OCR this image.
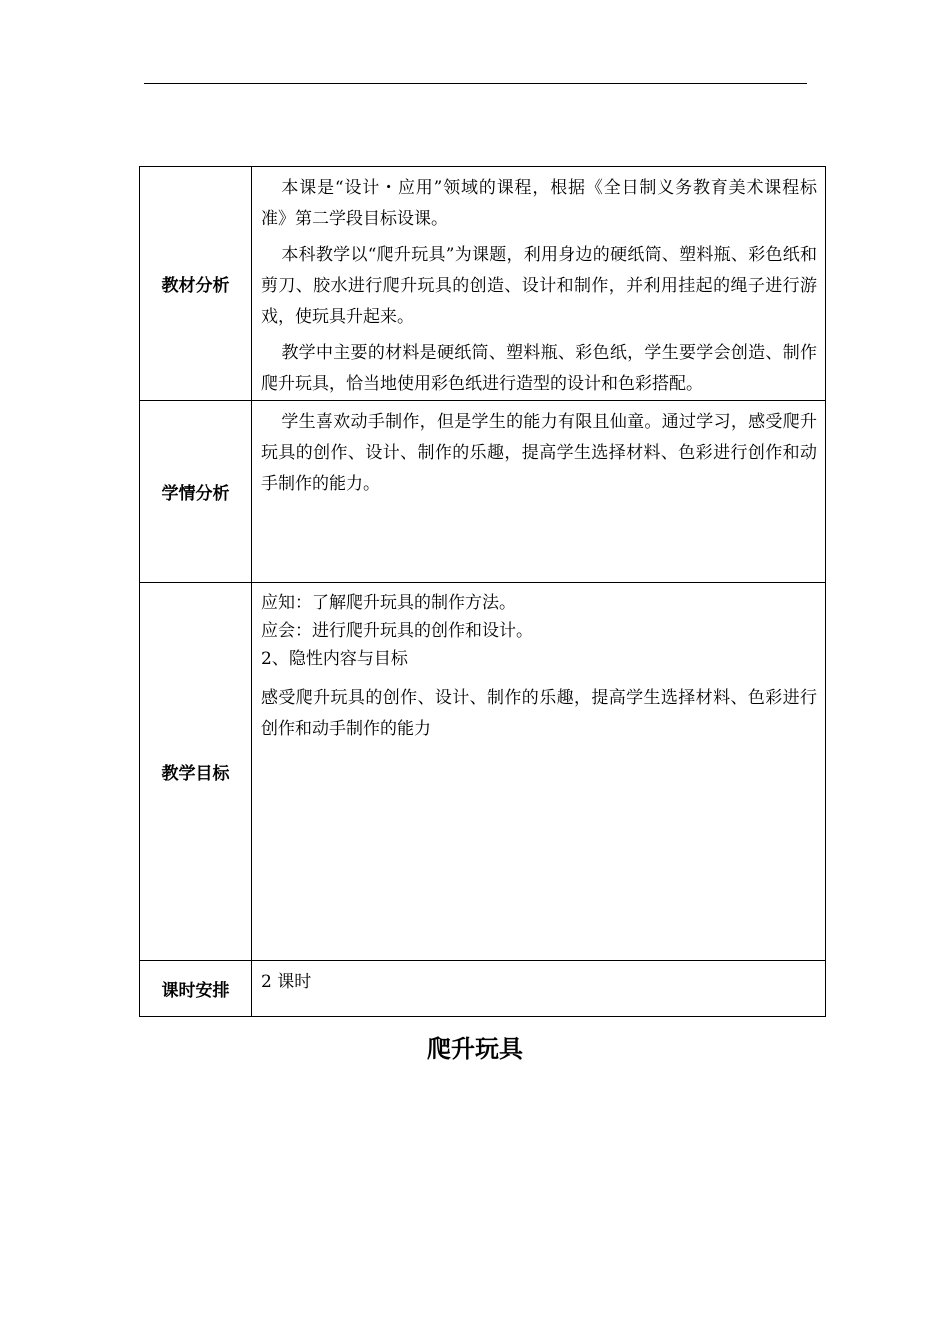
教材分析	本课是“设计・应用”领域的课程，根据《全日制义务教育美术课程标准》第二学段目标设课。

本科教学以“爬升玩具”为课题，利用身边的硬纸筒、塑料瓶、彩色纸和剪刀、胶水进行爬升玩具的创造、设计和制作，并利用挂起的绳子进行游戏，使玩具升起来。

教学中主要的材料是硬纸筒、塑料瓶、彩色纸，学生要学会创造、制作爬升玩具，恰当地使用彩色纸进行造型的设计和色彩搭配。

学情分析	学生喜欢动手制作，但是学生的能力有限且仙童。通过学习，感受爬升玩具的创作、设计、制作的乐趣，提高学生选择材料、色彩进行创作和动手制作的能力。

教学目标	应知：了解爬升玩具的制作方法。

应会：进行爬升玩具的创作和设计。

2、隐性内容与目标

感受爬升玩具的创作、设计、制作的乐趣，提高学生选择材料、色彩进行创作和动手制作的能力

课时安排	2 课时
爬升玩具
